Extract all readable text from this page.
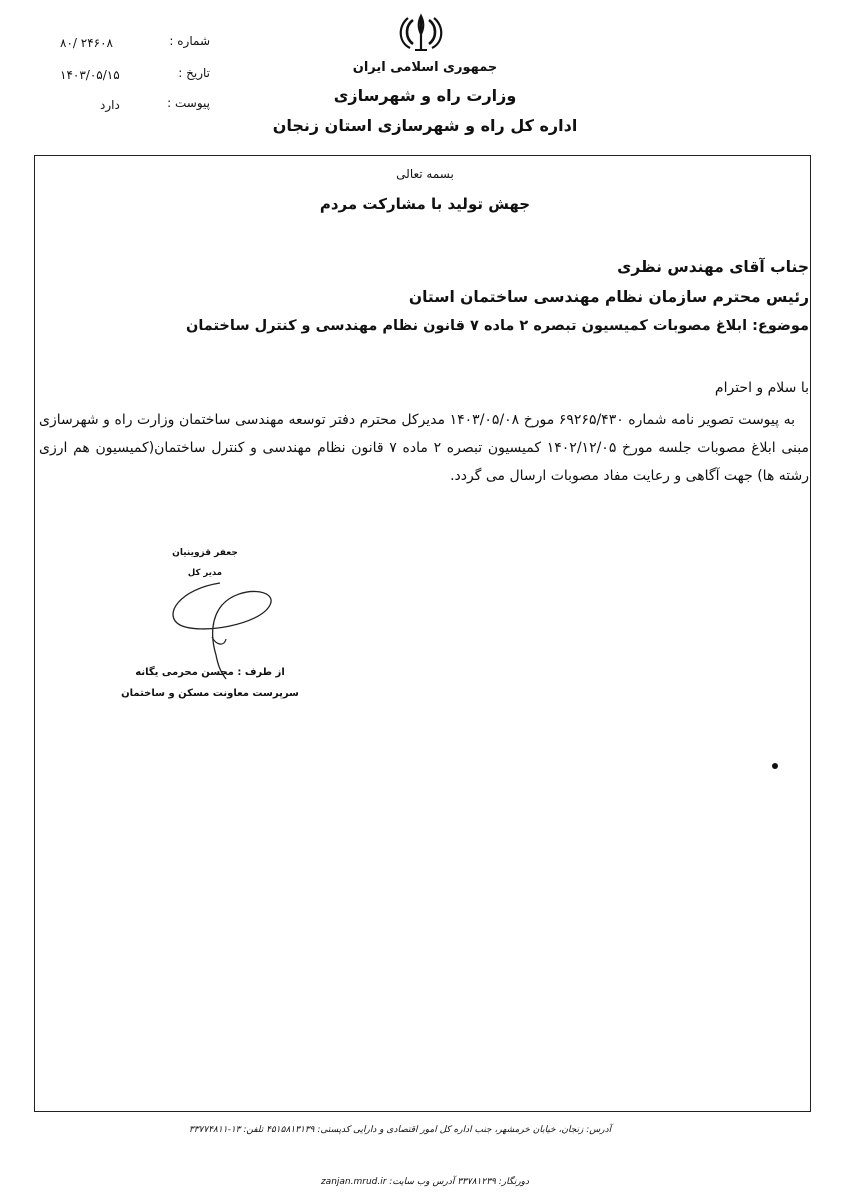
جمهوری اسلامی ایران
وزارت راه و شهرسازی
اداره کل راه و شهرسازی استان زنجان
شماره :
۲۴۶۰۸ /۸۰
تاریخ :
۱۴۰۳/۰۵/۱۵
پیوست :
دارد
بسمه تعالی
جهش تولید با مشارکت مردم
جناب آقای مهندس نظری
رئیس محترم سازمان نظام مهندسی ساختمان استان
موضوع: ابلاغ مصوبات کمیسیون تبصره ۲ ماده ۷ قانون نظام مهندسی و کنترل ساختمان
با سلام و احترام

به پیوست تصویر نامه شماره ۶۹۲۶۵/۴۳۰ مورخ ۱۴۰۳/۰۵/۰۸ مدیرکل محترم دفتر توسعه مهندسی ساختمان وزارت راه و شهرسازی مبنی ابلاغ مصوبات جلسه مورخ ۱۴۰۲/۱۲/۰۵ کمیسیون تبصره ۲ ماده ۷ قانون نظام مهندسی و کنترل ساختمان(کمیسیون هم ارزی رشته ها) جهت آگاهی و رعایت مفاد مصوبات ارسال می گردد.

جعفر قزوینیان
مدیر کل
از طرف : محسن محرمی یگانه
سرپرست معاونت مسکن و ساختمان
آدرس: زنجان، خیابان خرمشهر، جنب اداره کل امور اقتصادی و دارایی کدپستی: ۴۵۱۵۸۱۳۱۳۹ تلفن: ۱۳-۳۳۷۷۴۸۱۱
دورنگار: ۳۳۷۸۱۲۳۹ آدرس وب سایت: zanjan.mrud.ir
